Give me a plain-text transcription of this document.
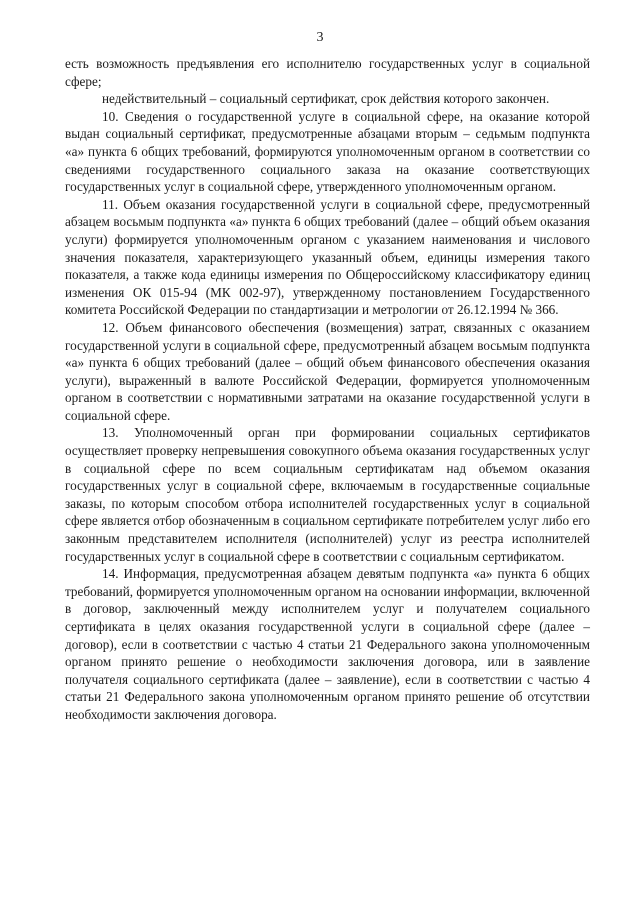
3

есть возможность предъявления его исполнителю государственных услуг в социальной сфере;

недействительный – социальный сертификат, срок действия которого закончен.

10. Сведения о государственной услуге в социальной сфере, на оказание которой выдан социальный сертификат, предусмотренные абзацами вторым – седьмым подпункта «а» пункта 6 общих требований, формируются уполномоченным органом в соответствии со сведениями государственного социального заказа на оказание соответствующих государственных услуг в социальной сфере, утвержденного уполномоченным органом.

11. Объем оказания государственной услуги в социальной сфере, предусмотренный абзацем восьмым подпункта «а» пункта 6 общих требований (далее – общий объем оказания услуги) формируется уполномоченным органом с указанием наименования и числового значения показателя, характеризующего указанный объем, единицы измерения такого показателя, а также кода единицы измерения по Общероссийскому классификатору единиц изменения ОК 015-94 (МК 002-97), утвержденному постановлением Государственного комитета Российской Федерации по стандартизации и метрологии от 26.12.1994 № 366.

12. Объем финансового обеспечения (возмещения) затрат, связанных с оказанием государственной услуги в социальной сфере, предусмотренный абзацем восьмым подпункта «а» пункта 6 общих требований (далее – общий объем финансового обеспечения оказания услуги), выраженный в валюте Российской Федерации, формируется уполномоченным органом в соответствии с нормативными затратами на оказание государственной услуги в социальной сфере.

13. Уполномоченный орган при формировании социальных сертификатов осуществляет проверку непревышения совокупного объема оказания государственных услуг в социальной сфере по всем социальным сертификатам над объемом оказания государственных услуг в социальной сфере, включаемым в государственные социальные заказы, по которым способом отбора исполнителей государственных услуг в социальной сфере является отбор обозначенным в социальном сертификате потребителем услуг либо его законным представителем исполнителя (исполнителей) услуг из реестра исполнителей государственных услуг в социальной сфере в соответствии с социальным сертификатом.

14. Информация, предусмотренная абзацем девятым подпункта «а» пункта 6 общих требований, формируется уполномоченным органом на основании информации, включенной в договор, заключенный между исполнителем услуг и получателем социального сертификата в целях оказания государственной услуги в социальной сфере (далее – договор), если в соответствии с частью 4 статьи 21 Федерального закона уполномоченным органом принято решение о необходимости заключения договора, или в заявление получателя социального сертификата (далее – заявление), если в соответствии с частью 4 статьи 21 Федерального закона уполномоченным органом принято решение об отсутствии необходимости заключения договора.
